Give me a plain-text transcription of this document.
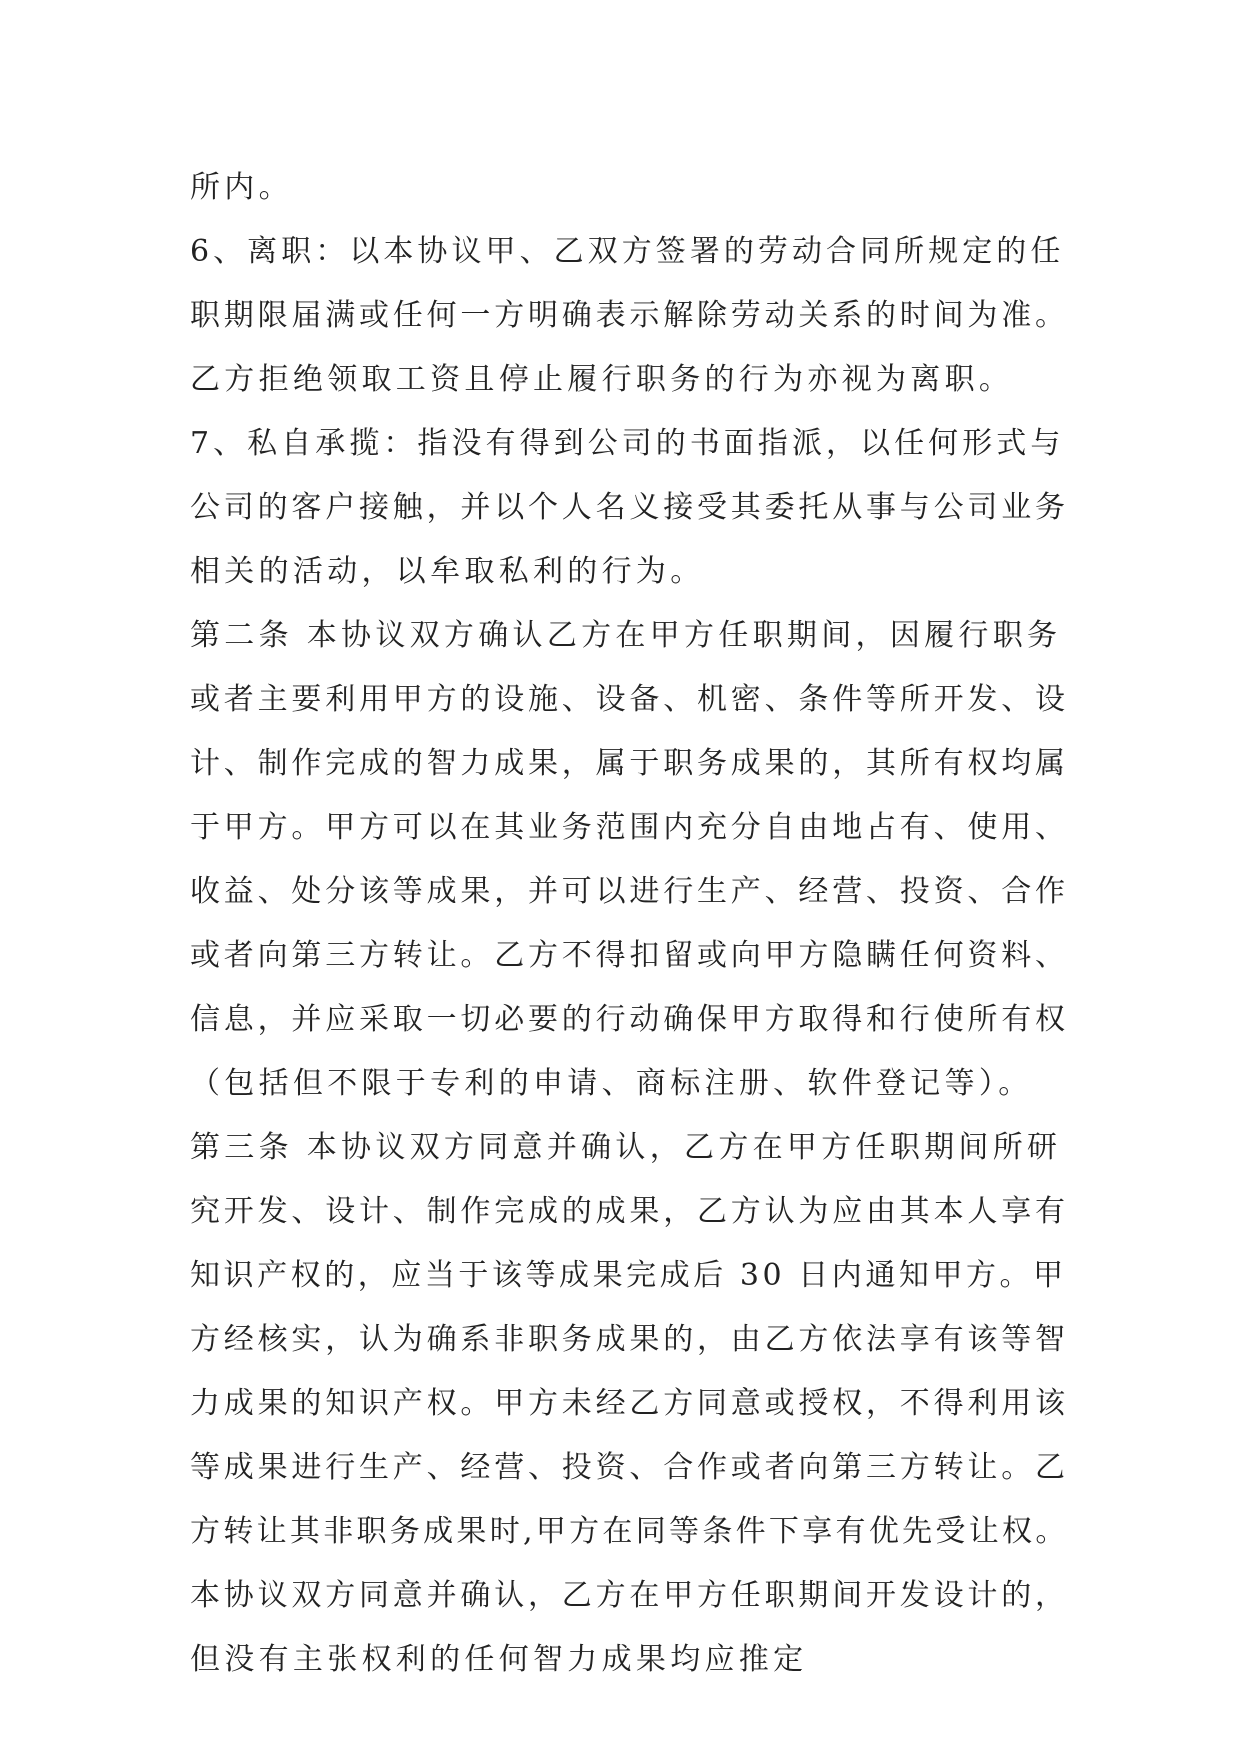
所内。
6、离职：以本协议甲、乙双方签署的劳动合同所规定的任
职期限届满或任何一方明确表示解除劳动关系的时间为准。
乙方拒绝领取工资且停止履行职务的行为亦视为离职。
7、私自承揽：指没有得到公司的书面指派，以任何形式与
公司的客户接触，并以个人名义接受其委托从事与公司业务
相关的活动，以牟取私利的行为。
第二条 本协议双方确认乙方在甲方任职期间，因履行职务
或者主要利用甲方的设施、设备、机密、条件等所开发、设
计、制作完成的智力成果，属于职务成果的，其所有权均属
于甲方。甲方可以在其业务范围内充分自由地占有、使用、
收益、处分该等成果，并可以进行生产、经营、投资、合作
或者向第三方转让。乙方不得扣留或向甲方隐瞒任何资料、
信息，并应采取一切必要的行动确保甲方取得和行使所有权
（包括但不限于专利的申请、商标注册、软件登记等）。
第三条 本协议双方同意并确认，乙方在甲方任职期间所研
究开发、设计、制作完成的成果，乙方认为应由其本人享有
知识产权的，应当于该等成果完成后 30 日内通知甲方。甲
方经核实，认为确系非职务成果的，由乙方依法享有该等智
力成果的知识产权。甲方未经乙方同意或授权，不得利用该
等成果进行生产、经营、投资、合作或者向第三方转让。乙
方转让其非职务成果时,甲方在同等条件下享有优先受让权。
本协议双方同意并确认，乙方在甲方任职期间开发设计的，
但没有主张权利的任何智力成果均应推定
